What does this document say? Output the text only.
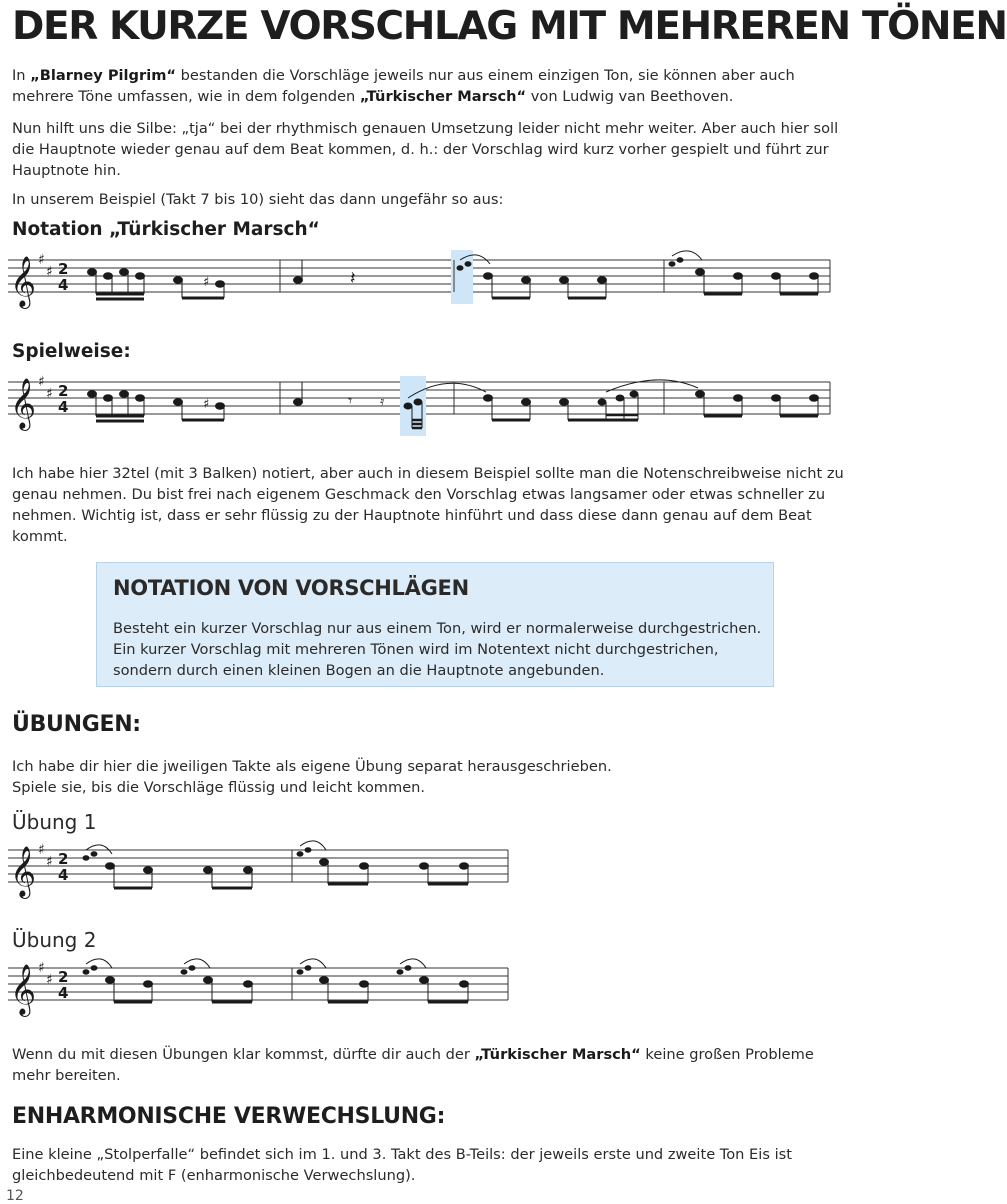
DER KURZE VORSCHLAG MIT MEHREREN TÖNEN

In „Blarney Pilgrim“ bestanden die Vorschläge jeweils nur aus einem einzigen Ton, sie können aber auch mehrere Töne umfassen, wie in dem folgenden „Türkischer Marsch“ von Ludwig van Beethoven.

Nun hilft uns die Silbe: „tja“ bei der rhythmisch genauen Umsetzung leider nicht mehr weiter. Aber auch hier soll die Hauptnote wieder genau auf dem Beat kommen, d. h.: der Vorschlag wird kurz vorher gespielt und führt zur Hauptnote hin.

In unserem Beispiel (Takt 7 bis 10) sieht das dann ungefähr so aus:

Notation „Türkischer Marsch“
𝄞 ♯
♯ 2
4	♯	𝄽
Spielweise:
𝄞 ♯
♯ 2
4	♯	𝄾 𝄿

Ich habe hier 32tel (mit 3 Balken) notiert, aber auch in diesem Beispiel sollte man die Notenschreibweise nicht zu genau nehmen. Du bist frei nach eigenem Geschmack den Vorschlag etwas langsamer oder etwas schneller zu nehmen. Wichtig ist, dass er sehr flüssig zu der Hauptnote hinführt und dass diese dann genau auf dem Beat kommt.

NOTATION VON VORSCHLÄGEN

Besteht ein kurzer Vorschlag nur aus einem Ton, wird er normalerweise durchgestrichen. Ein kurzer Vorschlag mit mehreren Tönen wird im Notentext nicht durchgestrichen, sondern durch einen kleinen Bogen an die Hauptnote angebunden.

ÜBUNGEN:

Ich habe dir hier die jweiligen Takte als eigene Übung separat herausgeschrieben. Spiele sie, bis die Vorschläge flüssig und leicht kommen.

Übung 1
𝄞 ♯
♯ 2
4
Übung 2
𝄞 ♯
♯ 2
4

Wenn du mit diesen Übungen klar kommst, dürfte dir auch der „Türkischer Marsch“ keine großen Probleme mehr bereiten.

ENHARMONISCHE VERWECHSLUNG:

Eine kleine „Stolperfalle“ befindet sich im 1. und 3. Takt des B-Teils: der jeweils erste und zweite Ton Eis ist gleichbedeutend mit F (enharmonische Verwechslung).

12
